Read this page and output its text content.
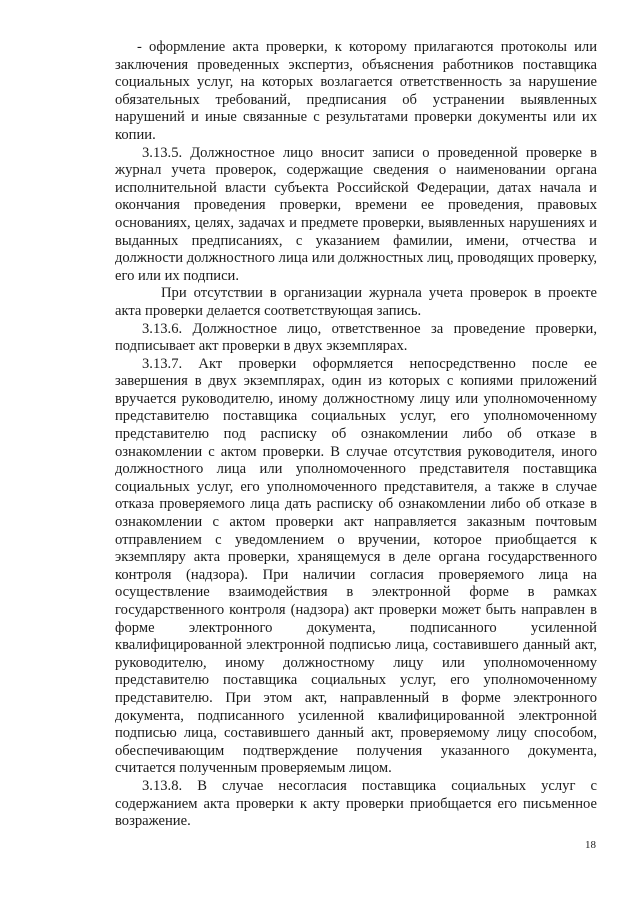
- оформление акта проверки, к которому прилагаются протоколы или заключения проведенных экспертиз, объяснения работников поставщика социальных услуг, на которых возлагается ответственность за нарушение обязательных требований, предписания об устранении выявленных нарушений и иные связанные с результатами проверки документы или их копии.

3.13.5. Должностное лицо вносит записи о проведенной проверке в журнал учета проверок, содержащие сведения о наименовании органа исполнительной власти субъекта Российской Федерации, датах начала и окончания проведения проверки, времени ее проведения, правовых основаниях, целях, задачах и предмете проверки, выявленных нарушениях и выданных предписаниях, с указанием фамилии, имени, отчества и должности должностного лица или должностных лиц, проводящих проверку, его или их подписи.

При отсутствии в организации журнала учета проверок в проекте акта проверки делается соответствующая запись.

3.13.6. Должностное лицо, ответственное за проведение проверки, подписывает акт проверки в двух экземплярах.

3.13.7. Акт проверки оформляется непосредственно после ее завершения в двух экземплярах, один из которых с копиями приложений вручается руководителю, иному должностному лицу или уполномоченному представителю поставщика социальных услуг, его уполномоченному представителю под расписку об ознакомлении либо об отказе в ознакомлении с актом проверки. В случае отсутствия руководителя, иного должностного лица или уполномоченного представителя поставщика социальных услуг, его уполномоченного представителя, а также в случае отказа проверяемого лица дать расписку об ознакомлении либо об отказе в ознакомлении с актом проверки акт направляется заказным почтовым отправлением с уведомлением о вручении, которое приобщается к экземпляру акта проверки, хранящемуся в деле органа государственного контроля (надзора). При наличии согласия проверяемого лица на осуществление взаимодействия в электронной форме в рамках государственного контроля (надзора) акт проверки может быть направлен в форме электронного документа, подписанного усиленной квалифицированной электронной подписью лица, составившего данный акт, руководителю, иному должностному лицу или уполномоченному представителю поставщика социальных услуг, его уполномоченному представителю. При этом акт, направленный в форме электронного документа, подписанного усиленной квалифицированной электронной подписью лица, составившего данный акт, проверяемому лицу способом, обеспечивающим подтверждение получения указанного документа, считается полученным проверяемым лицом.

3.13.8. В случае несогласия поставщика социальных услуг с содержанием акта проверки к акту проверки приобщается его письменное возражение.

18
